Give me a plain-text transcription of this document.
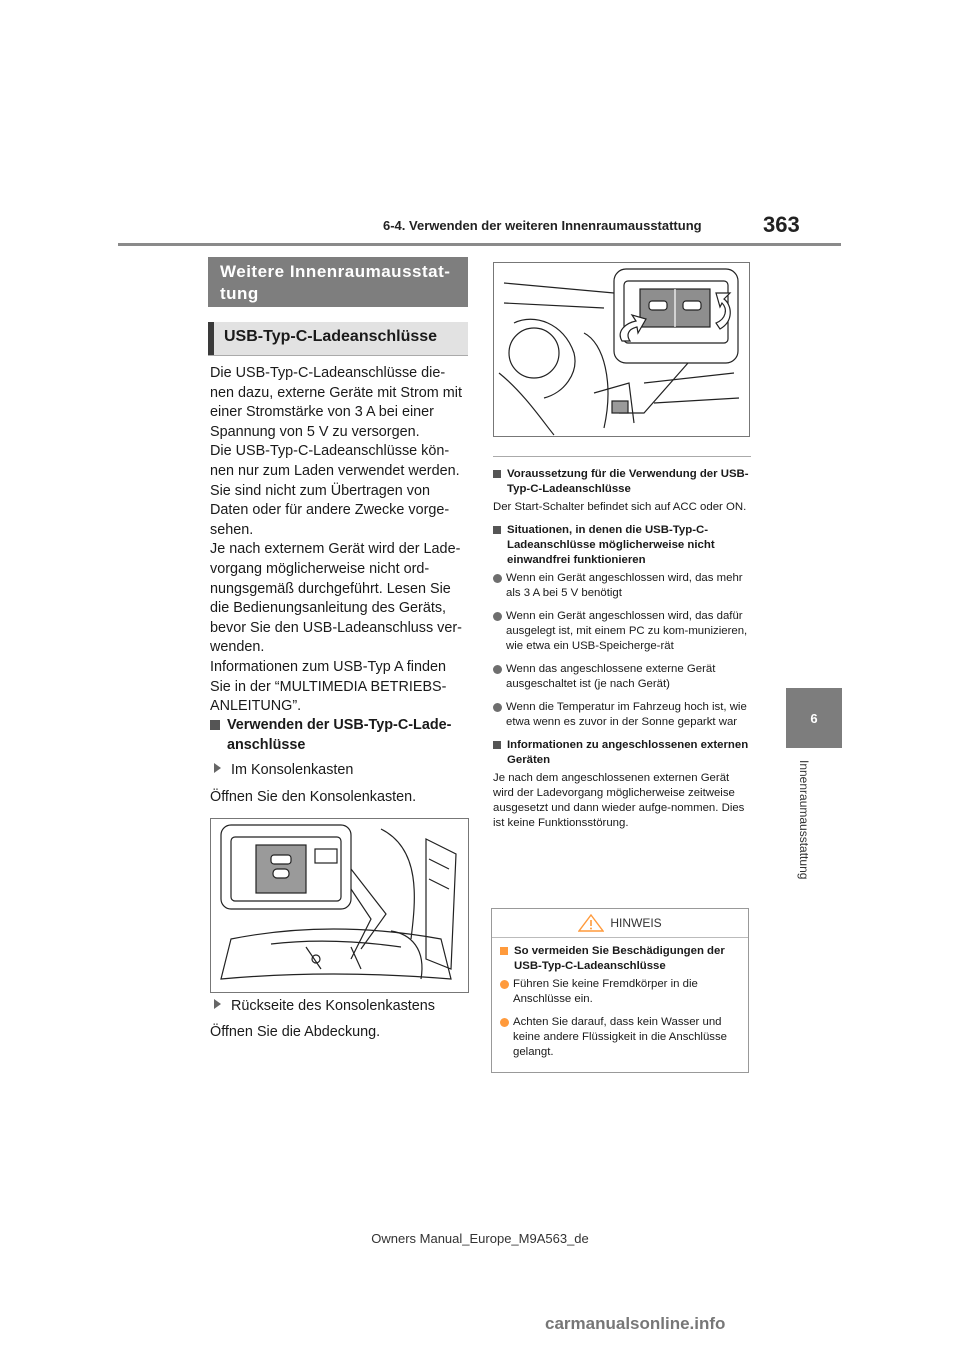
6-4. Verwenden der weiteren Innenraumausstattung	363
6
Innenraumausstattung
Weitere Innenraumausstat-tung
USB-Typ-C-Ladeanschlüsse

Die USB-Typ-C-Ladeanschlüsse die-

nen dazu, externe Geräte mit Strom mit

einer Stromstärke von 3 A bei einer

Spannung von 5 V zu versorgen.

Die USB-Typ-C-Ladeanschlüsse kön-

nen nur zum Laden verwendet werden.

Sie sind nicht zum Übertragen von

Daten oder für andere Zwecke vorge-

sehen.

Je nach externem Gerät wird der Lade-

vorgang möglicherweise nicht ord-

nungsgemäß durchgeführt. Lesen Sie

die Bedienungsanleitung des Geräts,

bevor Sie den USB-Ladeanschluss ver-

wenden.

Informationen zum USB-Typ A finden

Sie in der “MULTIMEDIA BETRIEBS-

ANLEITUNG”.

Verwenden der USB-Typ-C-Lade-anschlüsse
Im Konsolenkasten
Öffnen Sie den Konsolenkasten.
Rückseite des Konsolenkastens
Öffnen Sie die Abdeckung.
Voraussetzung für die Verwendung der USB-Typ-C-Ladeanschlüsse

Der Start-Schalter befindet sich auf ACC oder ON.

Situationen, in denen die USB-Typ-C-Ladeanschlüsse möglicherweise nicht einwandfrei funktionieren
Wenn ein Gerät angeschlossen wird, das mehr als 3 A bei 5 V benötigt
Wenn ein Gerät angeschlossen wird, das dafür ausgelegt ist, mit einem PC zu kom-munizieren, wie etwa ein USB-Speicherge-rät
Wenn das angeschlossene externe Gerät ausgeschaltet ist (je nach Gerät)
Wenn die Temperatur im Fahrzeug hoch ist, wie etwa wenn es zuvor in der Sonne geparkt war
Informationen zu angeschlossenen externen Geräten

Je nach dem angeschlossenen externen Gerät wird der Ladevorgang möglicherweise zeitweise ausgesetzt und dann wieder aufge-nommen. Dies ist keine Funktionsstörung.

HINWEIS
So vermeiden Sie Beschädigungen der USB-Typ-C-Ladeanschlüsse
Führen Sie keine Fremdkörper in die Anschlüsse ein.
Achten Sie darauf, dass kein Wasser und keine andere Flüssigkeit in die Anschlüsse gelangt.
Owners Manual_Europe_M9A563_de
carmanualsonline.info
